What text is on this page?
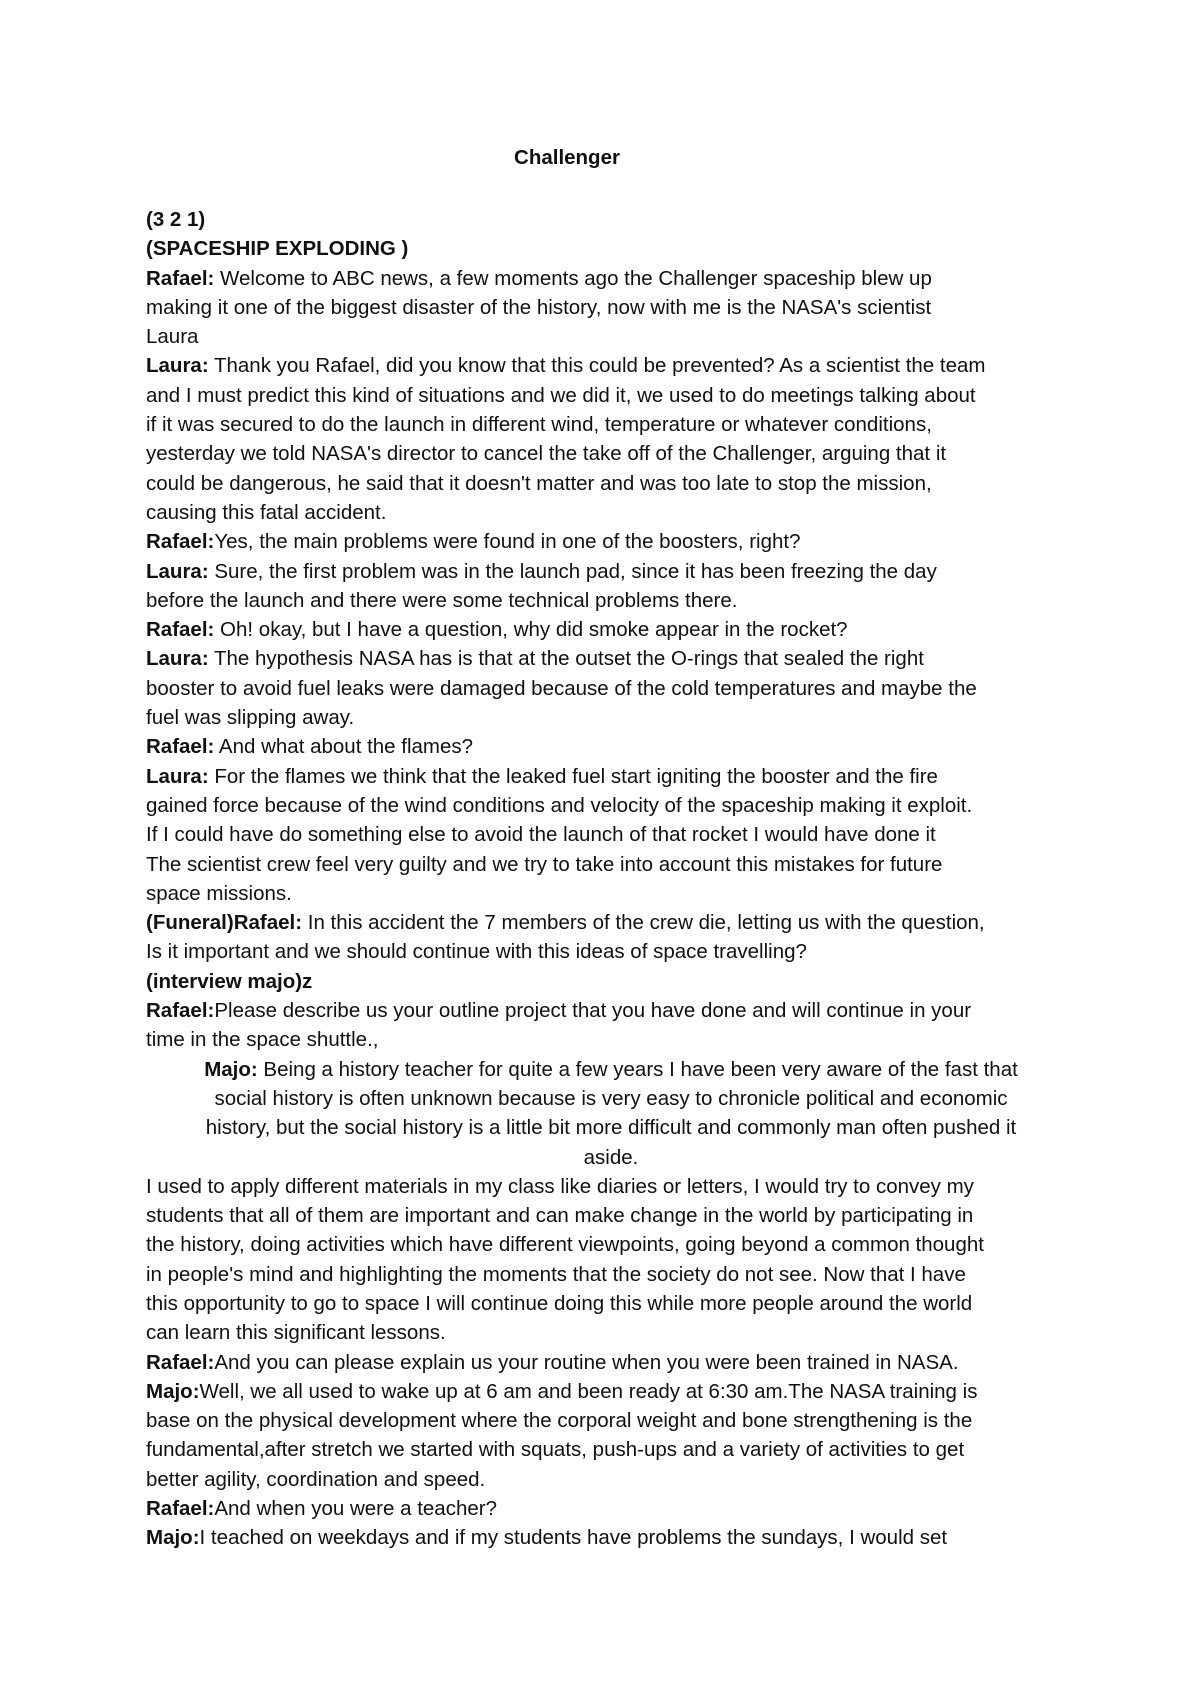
Challenger
(3 2 1)
(SPACESHIP EXPLODING )
Rafael: Welcome to ABC news, a few moments ago the Challenger spaceship blew up
making it one of the biggest disaster of the history, now with me is the NASA's scientist
Laura
Laura: Thank you Rafael, did you know that this could be prevented? As a scientist the team
and I must predict this kind of situations and we did it, we used to do meetings talking about
if it was secured to do the launch in different wind, temperature or whatever conditions,
yesterday we told NASA's director to cancel the take off of the Challenger, arguing that it
could be dangerous, he said that it doesn't matter and was too late to stop the mission,
causing this fatal accident.
Rafael:Yes, the main problems were found in one of the boosters, right?
Laura: Sure, the first problem was in the launch pad, since it has been freezing the day
before the launch and there were some technical problems there.
Rafael: Oh! okay, but I have a question, why did smoke appear in the rocket?
Laura: The hypothesis NASA has is that at the outset the O-rings that sealed the right
booster to avoid fuel leaks were damaged because of the cold temperatures and maybe the
fuel was slipping away.
Rafael: And what about the flames?
Laura: For the flames we think that the leaked fuel start igniting the booster and the fire
gained force because of the wind conditions and velocity of the spaceship making it exploit.
If I could have do something else to avoid the launch of that rocket I would have done it
The scientist crew feel very guilty and we try to take into account this mistakes for future
space missions.
(Funeral)Rafael: In this accident the 7 members of the crew die, letting us with the question,
Is it important and we should continue with this ideas of space travelling?
(interview majo)z
Rafael:Please describe us your outline project that you have done and will continue in your
time in the space shuttle.,
Majo: Being a history teacher for quite a few years I have been very aware of the fast that
social history is often unknown because is very easy to chronicle political and economic
history, but the social history is a little bit more difficult and commonly man often pushed it
aside.
I used to apply different materials in my class like diaries or letters, I would try to convey my
students that all of them are important and can make change in the world by participating in
the history, doing activities which have different viewpoints, going beyond a common thought
in people's mind and highlighting the moments that the society do not see. Now that I have
this opportunity to go to space I will continue doing this while more people around the world
can learn this significant lessons.
Rafael:And you can please explain us your routine when you were been trained in NASA.
Majo:Well, we all used to wake up at 6 am and been ready at 6:30 am.The NASA training is
base on the physical development where the corporal weight and bone strengthening is the
fundamental,after stretch we started with squats, push-ups and a variety of activities to get
better agility, coordination and speed.
Rafael:And when you were a teacher?
Majo:I teached on weekdays and if my students have problems the sundays, I would set
